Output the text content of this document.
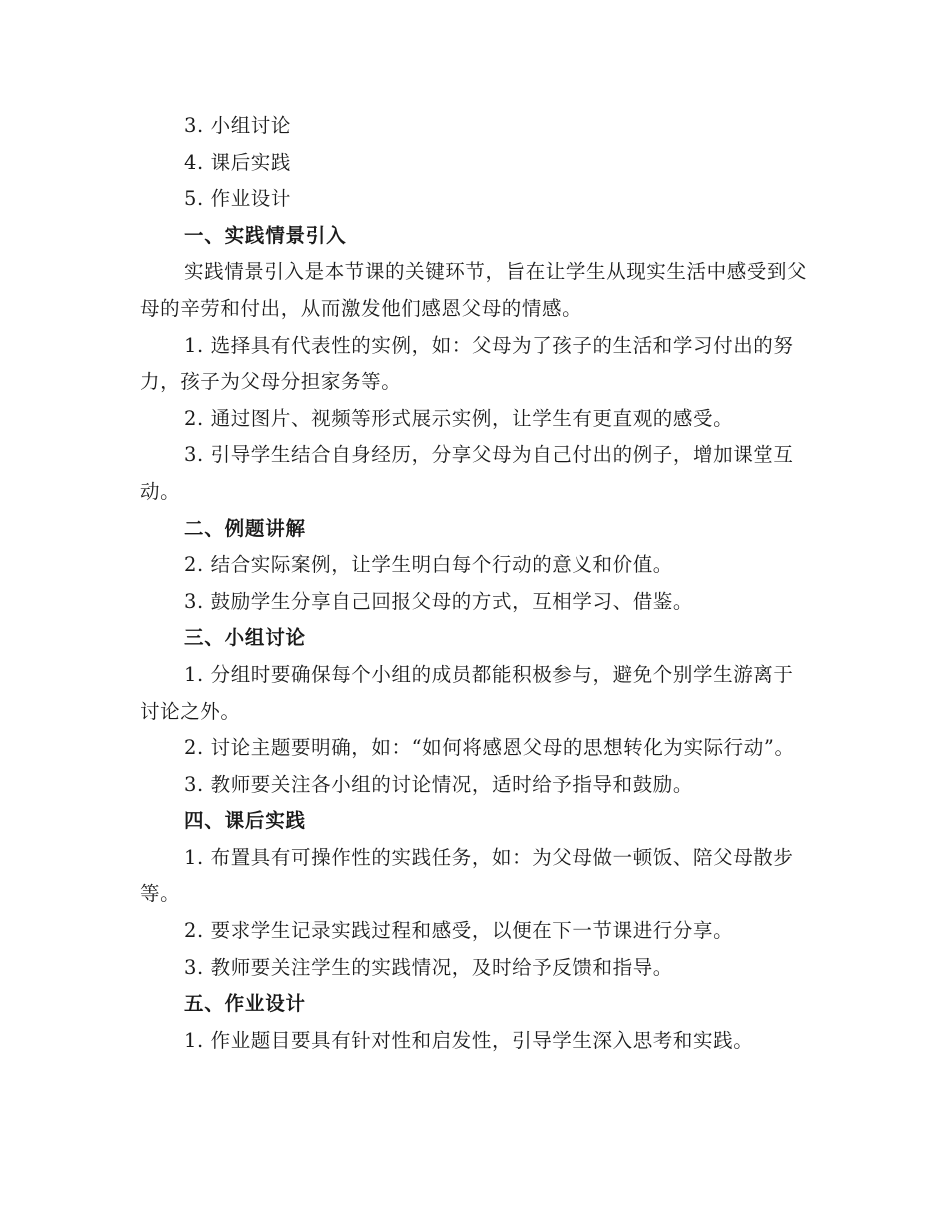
3. 小组讨论

4. 课后实践

5. 作业设计

一、实践情景引入

实践情景引入是本节课的关键环节，旨在让学生从现实生活中感受到父母的辛劳和付出，从而激发他们感恩父母的情感。

1. 选择具有代表性的实例，如：父母为了孩子的生活和学习付出的努力，孩子为父母分担家务等。

2. 通过图片、视频等形式展示实例，让学生有更直观的感受。

3. 引导学生结合自身经历，分享父母为自己付出的例子，增加课堂互动。

二、例题讲解

2. 结合实际案例，让学生明白每个行动的意义和价值。

3. 鼓励学生分享自己回报父母的方式，互相学习、借鉴。

三、小组讨论

1. 分组时要确保每个小组的成员都能积极参与，避免个别学生游离于讨论之外。

2. 讨论主题要明确，如：“如何将感恩父母的思想转化为实际行动”。

3. 教师要关注各小组的讨论情况，适时给予指导和鼓励。

四、课后实践

1. 布置具有可操作性的实践任务，如：为父母做一顿饭、陪父母散步等。

2. 要求学生记录实践过程和感受，以便在下一节课进行分享。

3. 教师要关注学生的实践情况，及时给予反馈和指导。

五、作业设计

1. 作业题目要具有针对性和启发性，引导学生深入思考和实践。
